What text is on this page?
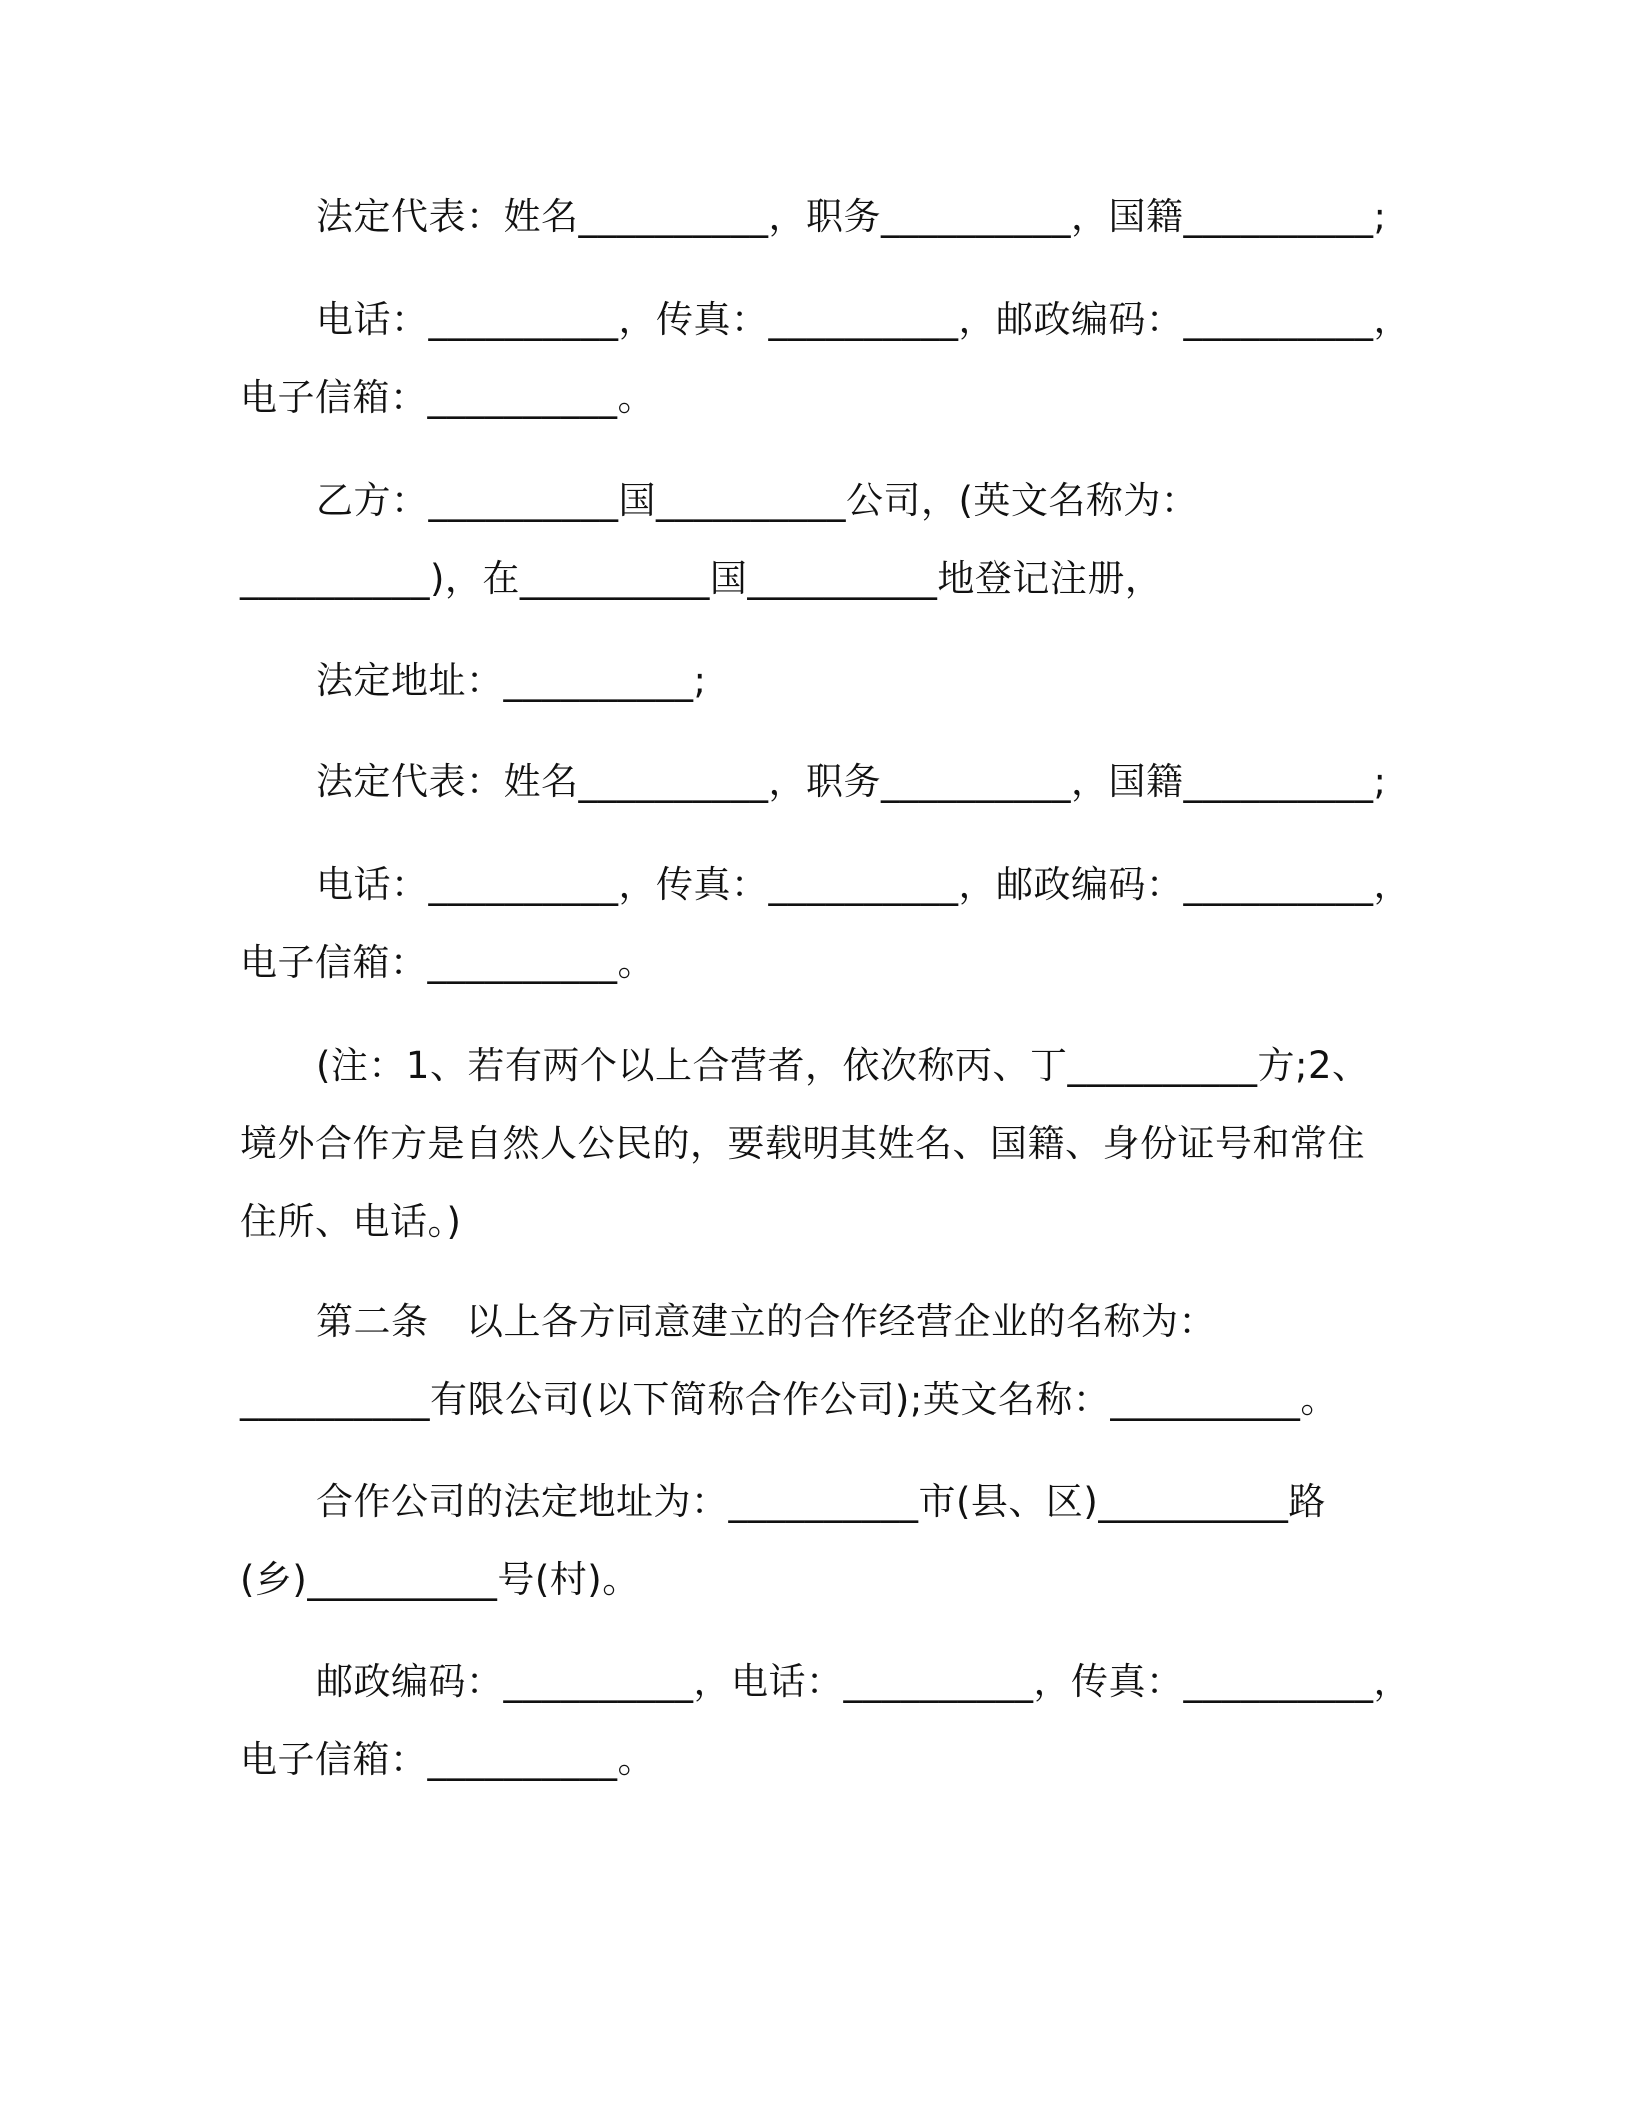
法定代表：姓名__________，职务__________，国籍__________;
电话：__________，传真：__________，邮政编码：__________，
电子信箱：__________。
乙方：__________国__________公司，(英文名称为：
__________)，在__________国__________地登记注册，
法定地址：__________;
法定代表：姓名__________，职务__________，国籍__________;
电话：__________，传真：__________，邮政编码：__________，
电子信箱：__________。
(注：1、若有两个以上合营者，依次称丙、丁__________方;2、
境外合作方是自然人公民的，要载明其姓名、国籍、身份证号和常住
住所、电话。)
第二条　以上各方同意建立的合作经营企业的名称为：
__________有限公司(以下简称合作公司);英文名称：__________。
合作公司的法定地址为：__________市(县、区)__________路
(乡)__________号(村)。
邮政编码：__________，电话：__________，传真：__________，
电子信箱：__________。
